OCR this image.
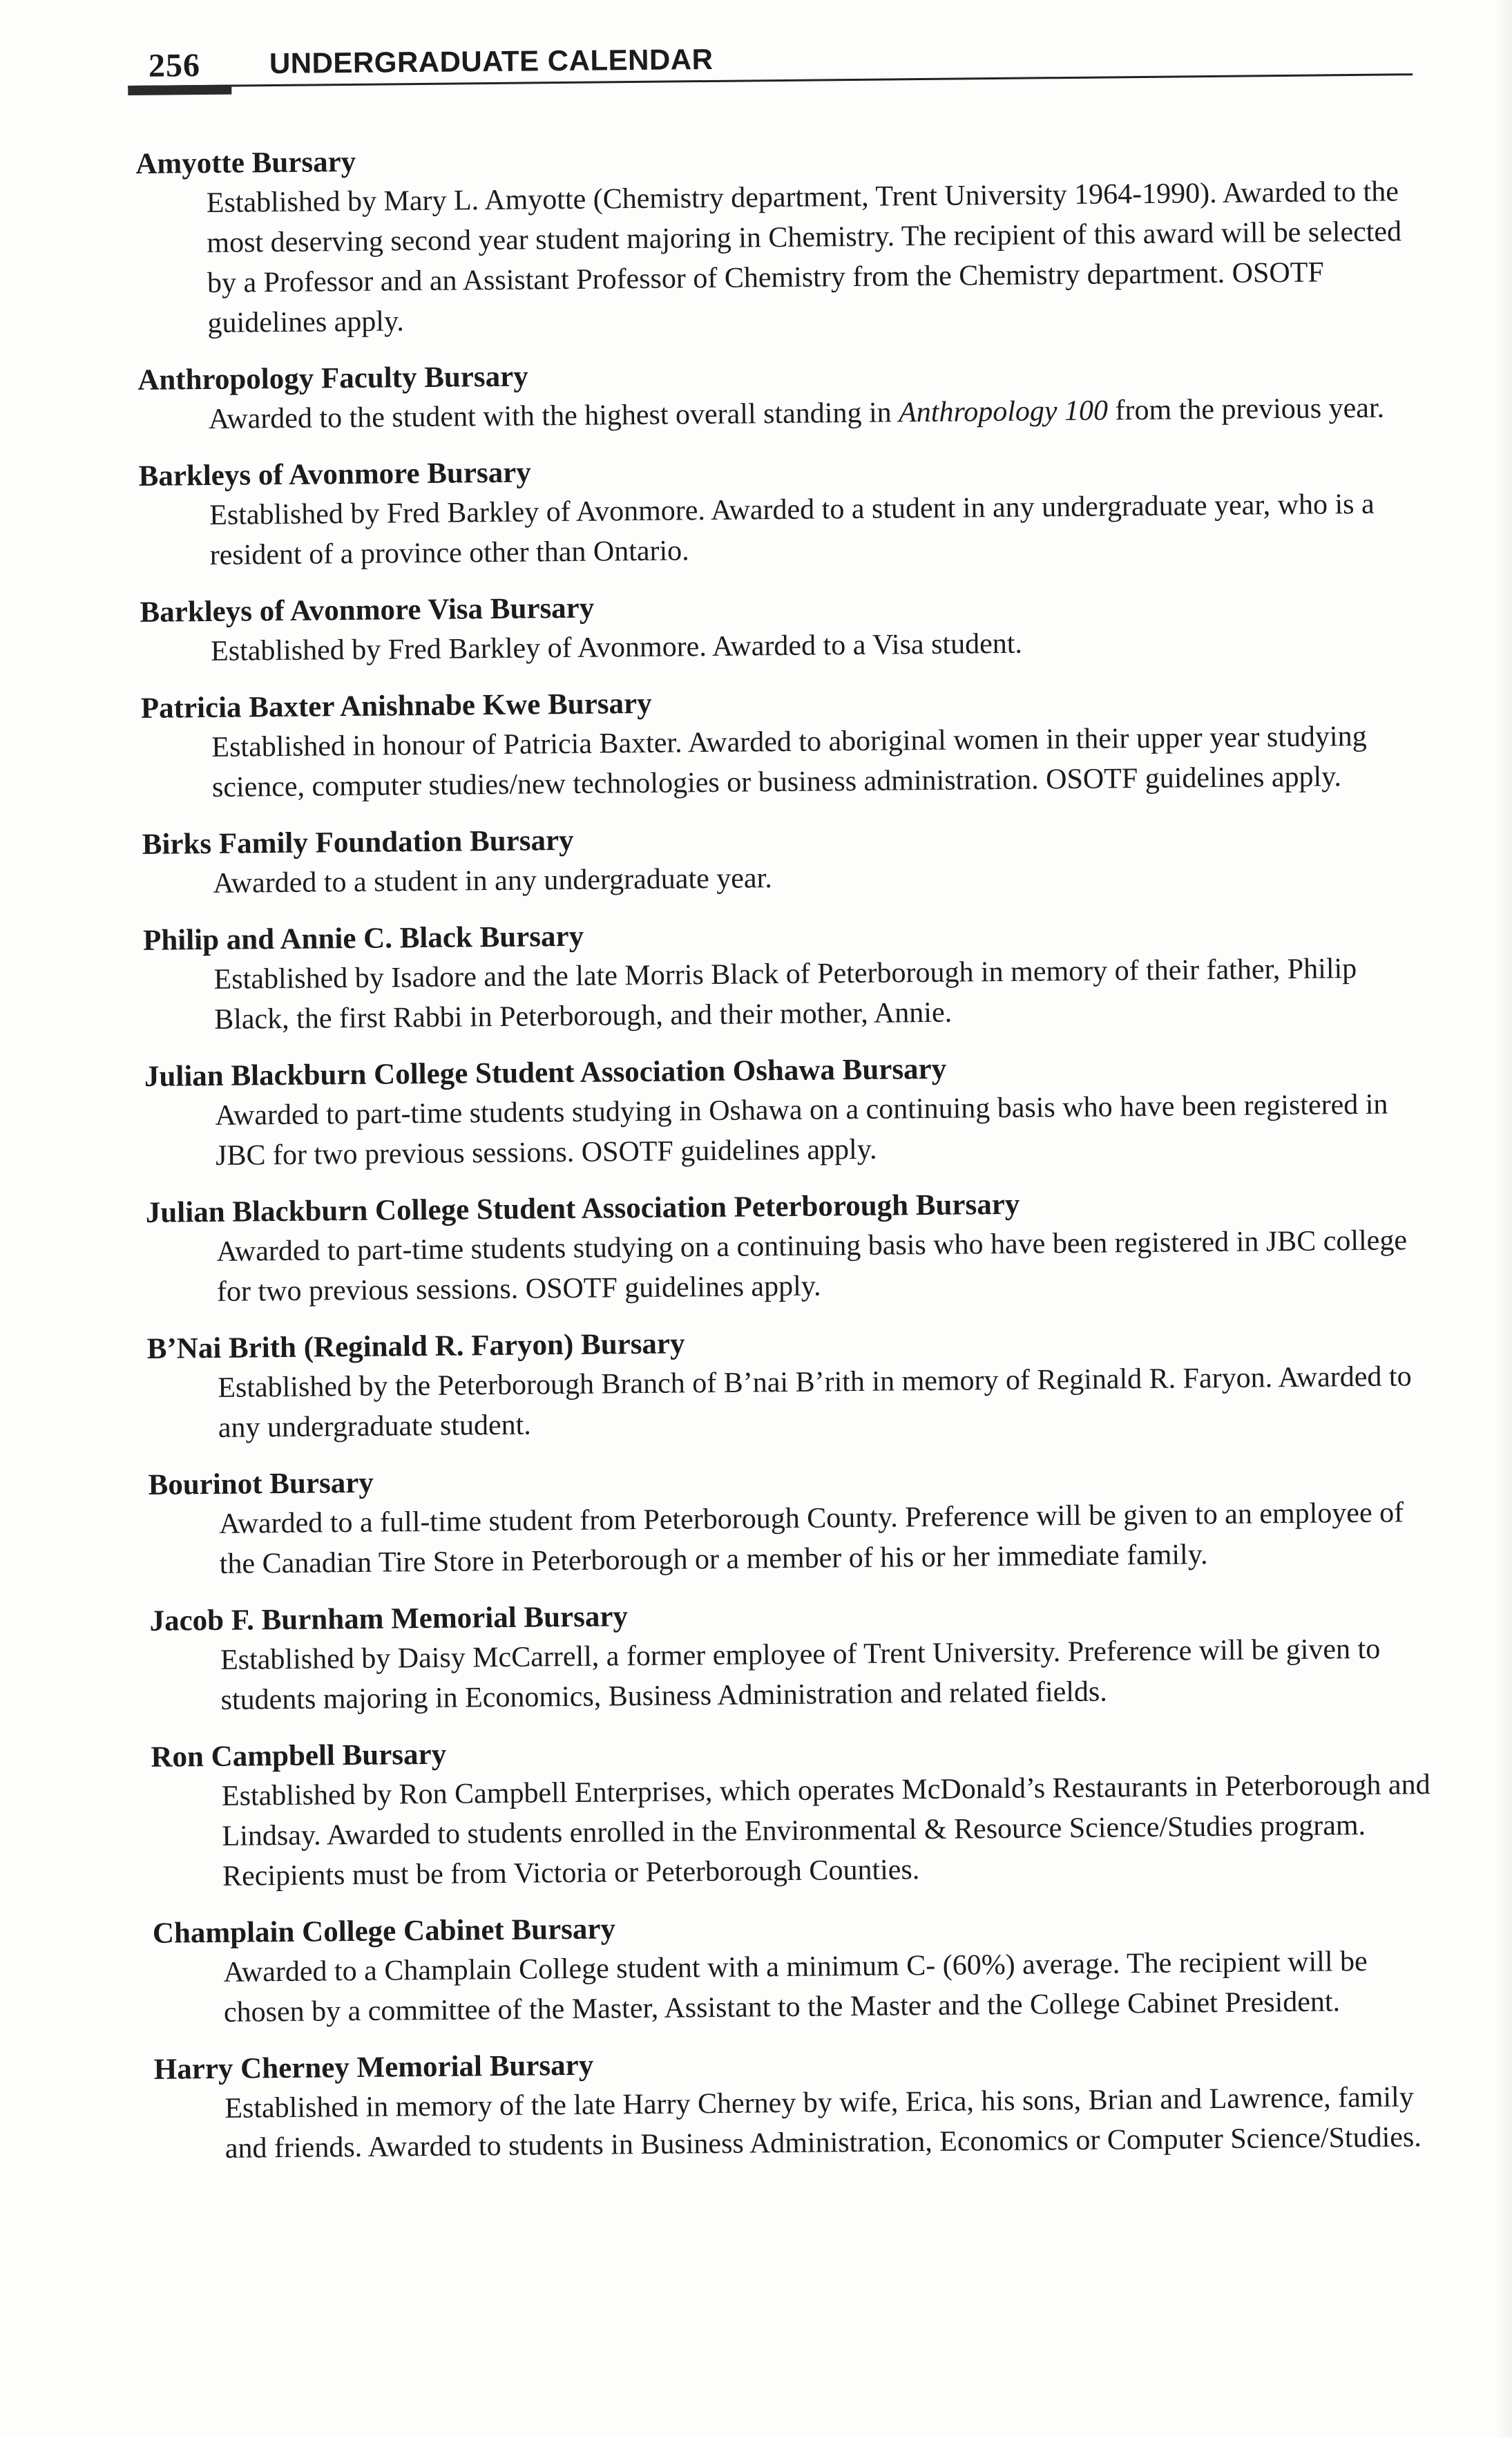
256 UNDERGRADUATE CALENDAR

Amyotte Bursary

Established by Mary L. Amyotte (Chemistry department, Trent University 1964-1990). Awarded to the most deserving second year student majoring in Chemistry. The recipient of this award will be selected by a Professor and an Assistant Professor of Chemistry from the Chemistry department. OSOTF guidelines apply.

Anthropology Faculty Bursary

Awarded to the student with the highest overall standing in Anthropology 100 from the previous year.

Barkleys of Avonmore Bursary

Established by Fred Barkley of Avonmore. Awarded to a student in any undergraduate year, who is a resident of a province other than Ontario.

Barkleys of Avonmore Visa Bursary

Established by Fred Barkley of Avonmore. Awarded to a Visa student.

Patricia Baxter Anishnabe Kwe Bursary

Established in honour of Patricia Baxter. Awarded to aboriginal women in their upper year studying science, computer studies/new technologies or business administration. OSOTF guidelines apply.

Birks Family Foundation Bursary

Awarded to a student in any undergraduate year.

Philip and Annie C. Black Bursary

Established by Isadore and the late Morris Black of Peterborough in memory of their father, Philip Black, the first Rabbi in Peterborough, and their mother, Annie.

Julian Blackburn College Student Association Oshawa Bursary

Awarded to part-time students studying in Oshawa on a continuing basis who have been registered in JBC for two previous sessions. OSOTF guidelines apply.

Julian Blackburn College Student Association Peterborough Bursary

Awarded to part-time students studying on a continuing basis who have been registered in JBC college for two previous sessions. OSOTF guidelines apply.

B’Nai Brith (Reginald R. Faryon) Bursary

Established by the Peterborough Branch of B’nai B’rith in memory of Reginald R. Faryon. Awarded to any undergraduate student.

Bourinot Bursary

Awarded to a full-time student from Peterborough County. Preference will be given to an employee of the Canadian Tire Store in Peterborough or a member of his or her immediate family.

Jacob F. Burnham Memorial Bursary

Established by Daisy McCarrell, a former employee of Trent University. Preference will be given to students majoring in Economics, Business Administration and related fields.

Ron Campbell Bursary

Established by Ron Campbell Enterprises, which operates McDonald’s Restaurants in Peterborough and Lindsay. Awarded to students enrolled in the Environmental & Resource Science/Studies program. Recipients must be from Victoria or Peterborough Counties.

Champlain College Cabinet Bursary

Awarded to a Champlain College student with a minimum C- (60%) average. The recipient will be chosen by a committee of the Master, Assistant to the Master and the College Cabinet President.

Harry Cherney Memorial Bursary

Established in memory of the late Harry Cherney by wife, Erica, his sons, Brian and Lawrence, family and friends. Awarded to students in Business Administration, Economics or Computer Science/Studies.
